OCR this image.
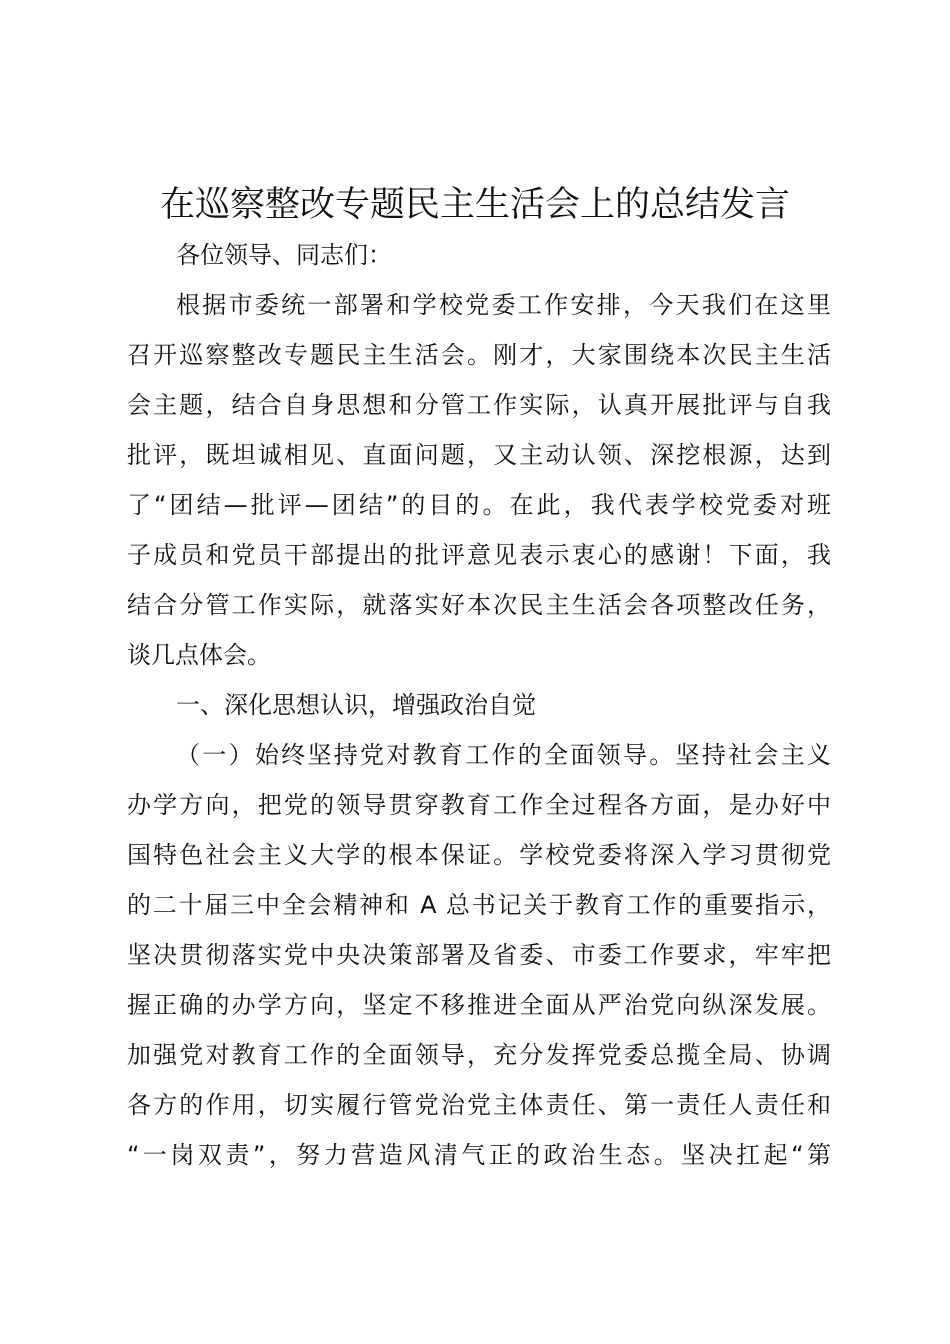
在巡察整改专题民主生活会上的总结发言
各位领导、同志们：
根据市委统一部署和学校党委工作安排，今天我们在这里
召开巡察整改专题民主生活会。刚才，大家围绕本次民主生活
会主题，结合自身思想和分管工作实际，认真开展批评与自我
批评，既坦诚相见、直面问题，又主动认领、深挖根源，达到
了“团结—批评—团结”的目的。在此，我代表学校党委对班
子成员和党员干部提出的批评意见表示衷心的感谢！下面，我
结合分管工作实际，就落实好本次民主生活会各项整改任务，
谈几点体会。
一、深化思想认识，增强政治自觉
（一）始终坚持党对教育工作的全面领导。坚持社会主义
办学方向，把党的领导贯穿教育工作全过程各方面，是办好中
国特色社会主义大学的根本保证。学校党委将深入学习贯彻党
的二十届三中全会精神和 A 总书记关于教育工作的重要指示，
坚决贯彻落实党中央决策部署及省委、市委工作要求，牢牢把
握正确的办学方向，坚定不移推进全面从严治党向纵深发展。
加强党对教育工作的全面领导，充分发挥党委总揽全局、协调
各方的作用，切实履行管党治党主体责任、第一责任人责任和
“一岗双责”，努力营造风清气正的政治生态。坚决扛起“第
